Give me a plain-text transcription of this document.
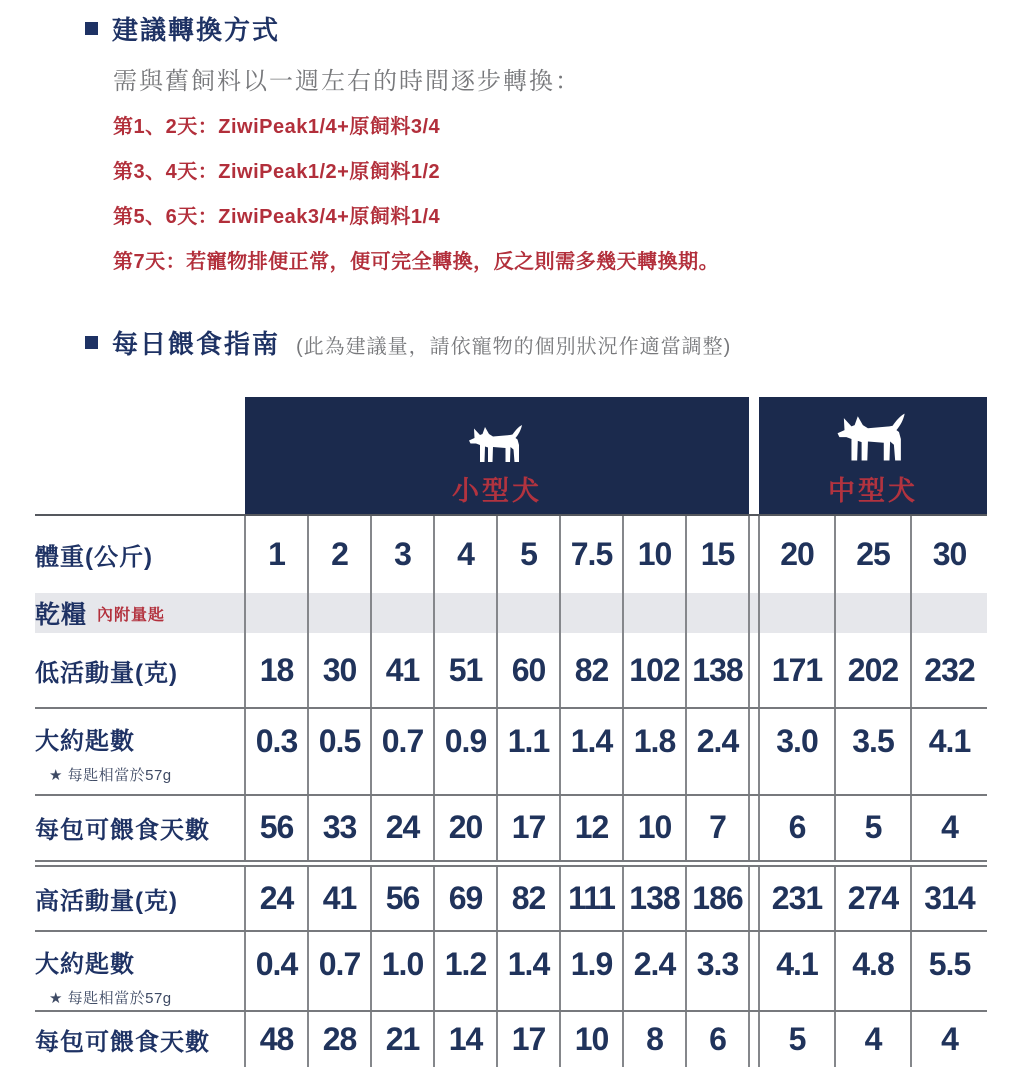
建議轉換方式

需與舊飼料以一週左右的時間逐步轉換：

第1、2天：ZiwiPeak1/4+原飼料3/4
第3、4天：ZiwiPeak1/2+原飼料1/2
第5、6天：ZiwiPeak3/4+原飼料1/4
第7天：若寵物排便正常，便可完全轉換，反之則需多幾天轉換期。
每日餵食指南 (此為建議量，請依寵物的個別狀況作適當調整)

	小型犬									中型犬		

體重(公斤)	1	2	3	4	5	7.5	10	15		20	25	30

乾糧 內附量匙												

低活動量(克)	18	30	41	51	60	82	102	138		171	202	232

大約匙數
★ 每匙相當於57g	0.3	0.5	0.7	0.9	1.1	1.4	1.8	2.4		3.0	3.5	4.1

每包可餵食天數	56	33	24	20	17	12	10	7		6	5	4

高活動量(克)	24	41	56	69	82	111	138	186		231	274	314

大約匙數
★ 每匙相當於57g	0.4	0.7	1.0	1.2	1.4	1.9	2.4	3.3		4.1	4.8	5.5

每包可餵食天數	48	28	21	14	17	10	8	6		5	4	4
